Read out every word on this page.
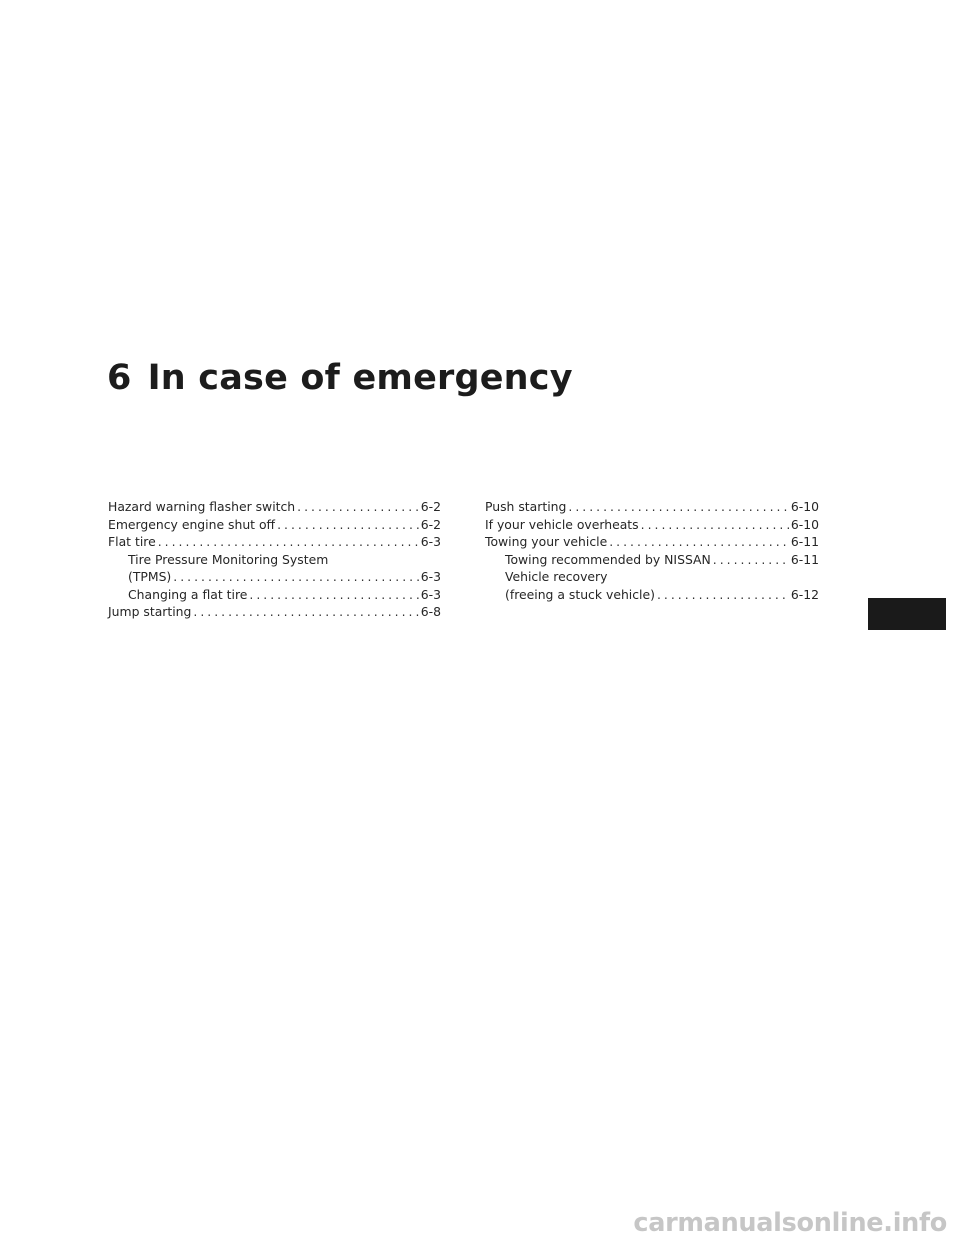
6 In case of emergency
Hazard warning flasher switch .....	6-2
Emergency engine shut off .....	6-2
Flat tire .....	6-3
Tire Pressure Monitoring System
(TPMS) .....	6-3
Changing a flat tire .....	6-3
Jump starting .....	6-8
Push starting .....	6-10
If your vehicle overheats .....	6-10
Towing your vehicle .....	6-11
Towing recommended by NISSAN .....	6-11
Vehicle recovery
(freeing a stuck vehicle) .....	6-12
carmanualsonline.info
